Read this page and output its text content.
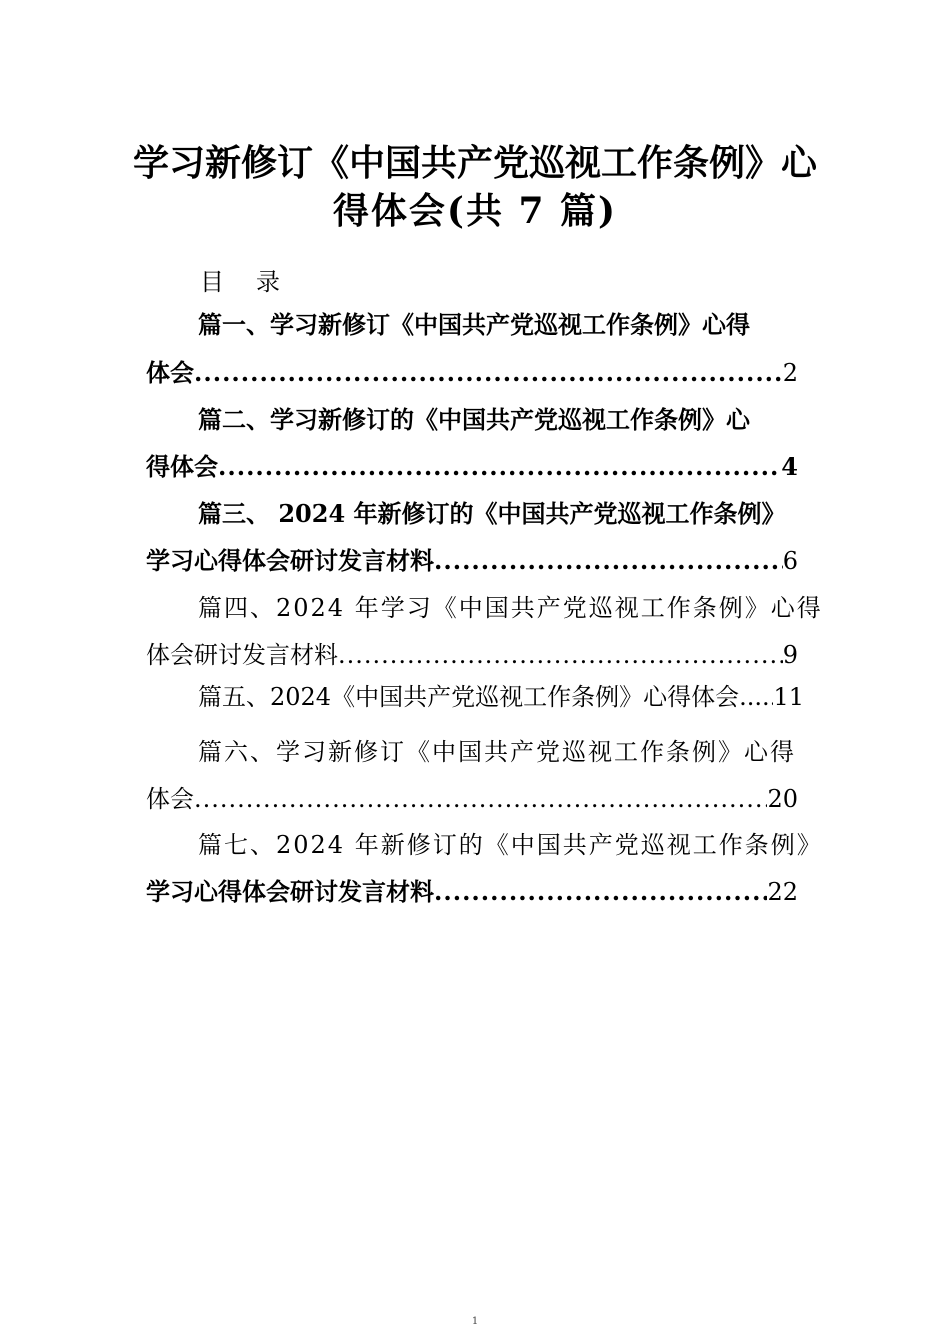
学习新修订《中国共产党巡视工作条例》心
得体会(共 7 篇)
目 录
篇一、学习新修订《中国共产党巡视工作条例》心得
体会 .....	2
篇二、学习新修订的《中国共产党巡视工作条例》心
得体会 .....	4
篇三、 2024 年新修订的《中国共产党巡视工作条例》
学习心得体会研讨发言材料 .....	6
篇四、2024 年学习《中国共产党巡视工作条例》心得
体会研讨发言材料 .....	9
篇五、2024《中国共产党巡视工作条例》心得体会 ...... 11
篇六、学习新修订《中国共产党巡视工作条例》心得
体会 .....	20
篇七、2024 年新修订的《中国共产党巡视工作条例》
学习心得体会研讨发言材料 .....	22
1
